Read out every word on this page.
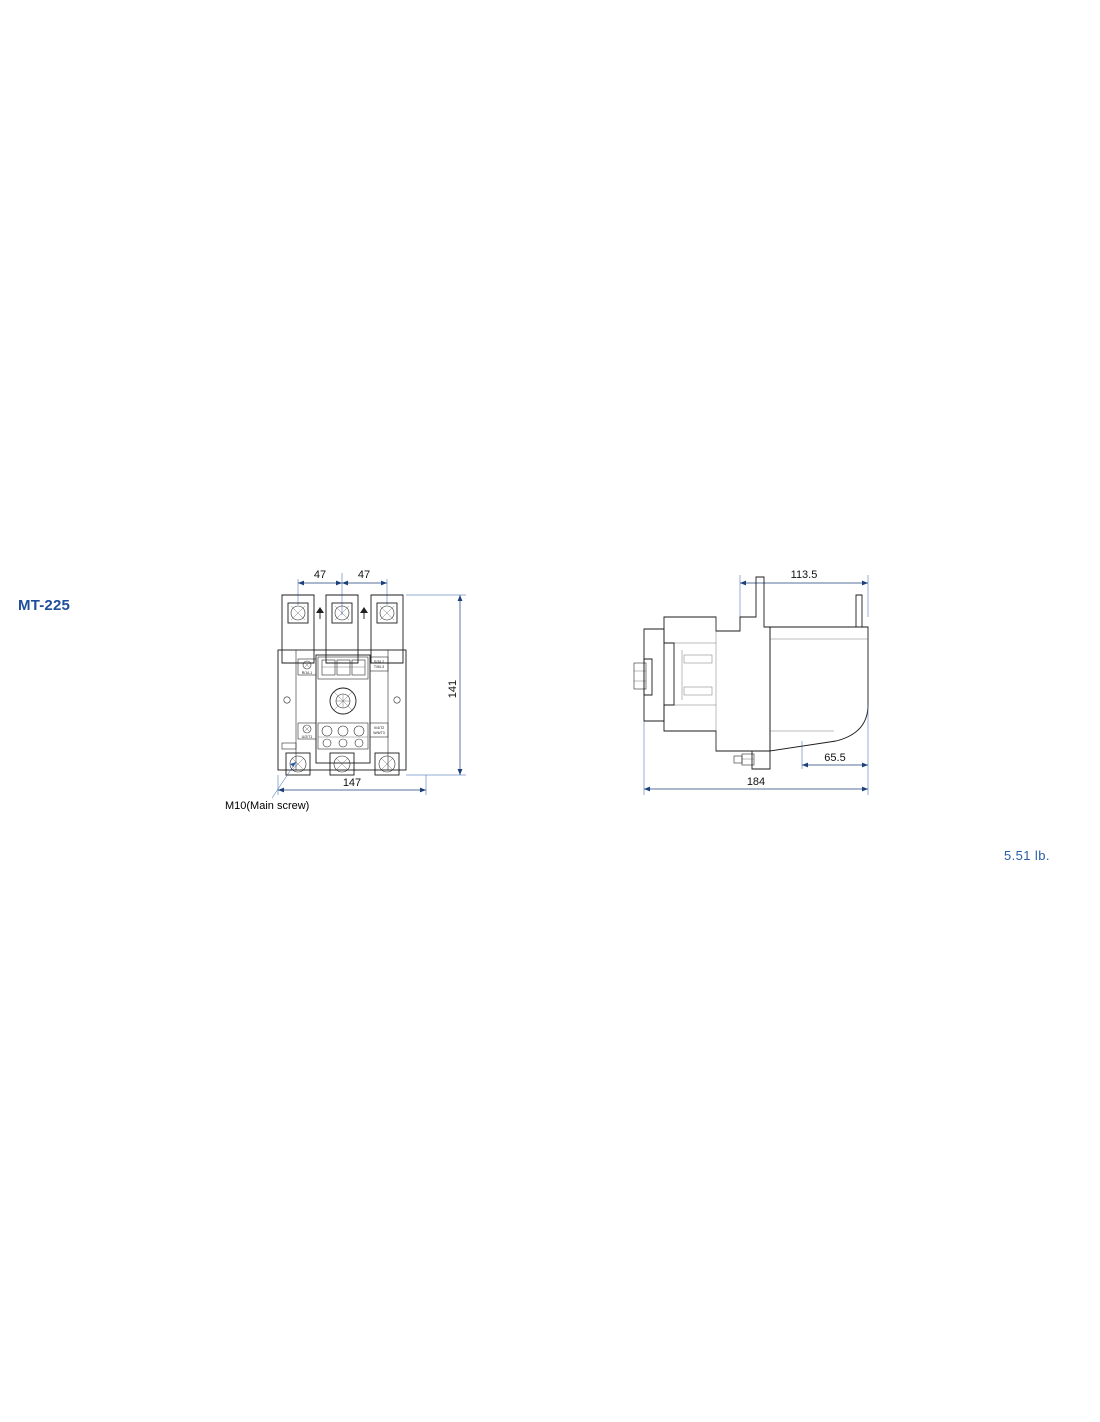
MT-225
47	47
R/1/L1
U/2/T1
S/3/L2
T/5/L3
V/4/T2
W/6/T3
141
147
M10(Main screw)
113.5
65.5
184
5.51 lb.
